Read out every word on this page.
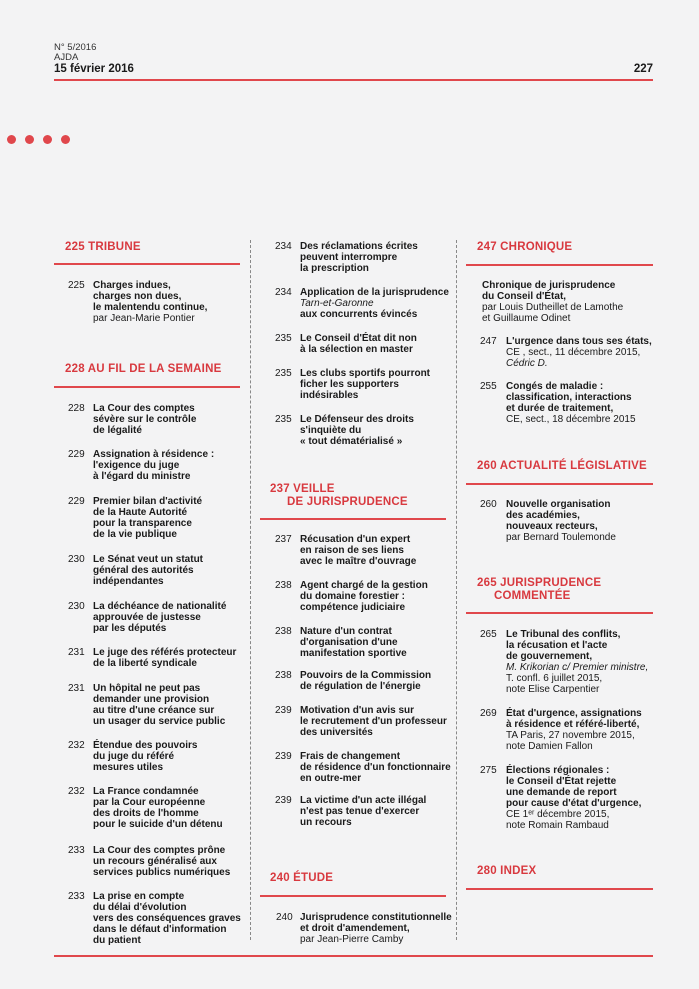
N° 5/2016
AJDA
15 février 2016	227
225 TRIBUNE
225 Charges indues,
charges non dues,
le malentendu continue,
par Jean-Marie Pontier
228 AU FIL DE LA SEMAINE
228 La Cour des comptes
sévère sur le contrôle
de légalité
229 Assignation à résidence :
l'exigence du juge
à l'égard du ministre
229 Premier bilan d'activité
de la Haute Autorité
pour la transparence
de la vie publique
230 Le Sénat veut un statut
général des autorités
indépendantes
230 La déchéance de nationalité
approuvée de justesse
par les députés
231 Le juge des référés protecteur
de la liberté syndicale
231 Un hôpital ne peut pas
demander une provision
au titre d'une créance sur
un usager du service public
232 Étendue des pouvoirs
du juge du référé
mesures utiles
232 La France condamnée
par la Cour européenne
des droits de l'homme
pour le suicide d'un détenu
233 La Cour des comptes prône
un recours généralisé aux
services publics numériques
233 La prise en compte
du délai d'évolution
vers des conséquences graves
dans le défaut d'information
du patient
234 Des réclamations écrites
peuvent interrompre
la prescription
234 Application de la jurisprudence
Tarn-et-Garonne
aux concurrents évincés
235 Le Conseil d'État dit non
à la sélection en master
235 Les clubs sportifs pourront
ficher les supporters
indésirables
235 Le Défenseur des droits
s'inquiète du
« tout dématérialisé »
237 VEILLE
DE JURISPRUDENCE
237 Récusation d'un expert
en raison de ses liens
avec le maître d'ouvrage
238 Agent chargé de la gestion
du domaine forestier :
compétence judiciaire
238 Nature d'un contrat
d'organisation d'une
manifestation sportive
238 Pouvoirs de la Commission
de régulation de l'énergie
239 Motivation d'un avis sur
le recrutement d'un professeur
des universités
239 Frais de changement
de résidence d'un fonctionnaire
en outre-mer
239 La victime d'un acte illégal
n'est pas tenue d'exercer
un recours
240 ÉTUDE
240 Jurisprudence constitutionnelle
et droit d'amendement,
par Jean-Pierre Camby
247 CHRONIQUE
Chronique de jurisprudence
du Conseil d'État,
par Louis Dutheillet de Lamothe
et Guillaume Odinet
247 L'urgence dans tous ses états,
CE , sect., 11 décembre 2015,
Cédric D.
255 Congés de maladie :
classification, interactions
et durée de traitement,
CE, sect., 18 décembre 2015
260 ACTUALITÉ LÉGISLATIVE
260 Nouvelle organisation
des académies,
nouveaux recteurs,
par Bernard Toulemonde
265 JURISPRUDENCE
COMMENTÉE
265 Le Tribunal des conflits,
la récusation et l'acte
de gouvernement,
M. Krikorian c/ Premier ministre,
T. confl. 6 juillet 2015,
note Elise Carpentier
269 État d'urgence, assignations
à résidence et référé-liberté,
TA Paris, 27 novembre 2015,
note Damien Fallon
275 Élections régionales :
le Conseil d'État rejette
une demande de report
pour cause d'état d'urgence,
CE 1ᵉʳ décembre 2015,
note Romain Rambaud
280 INDEX
